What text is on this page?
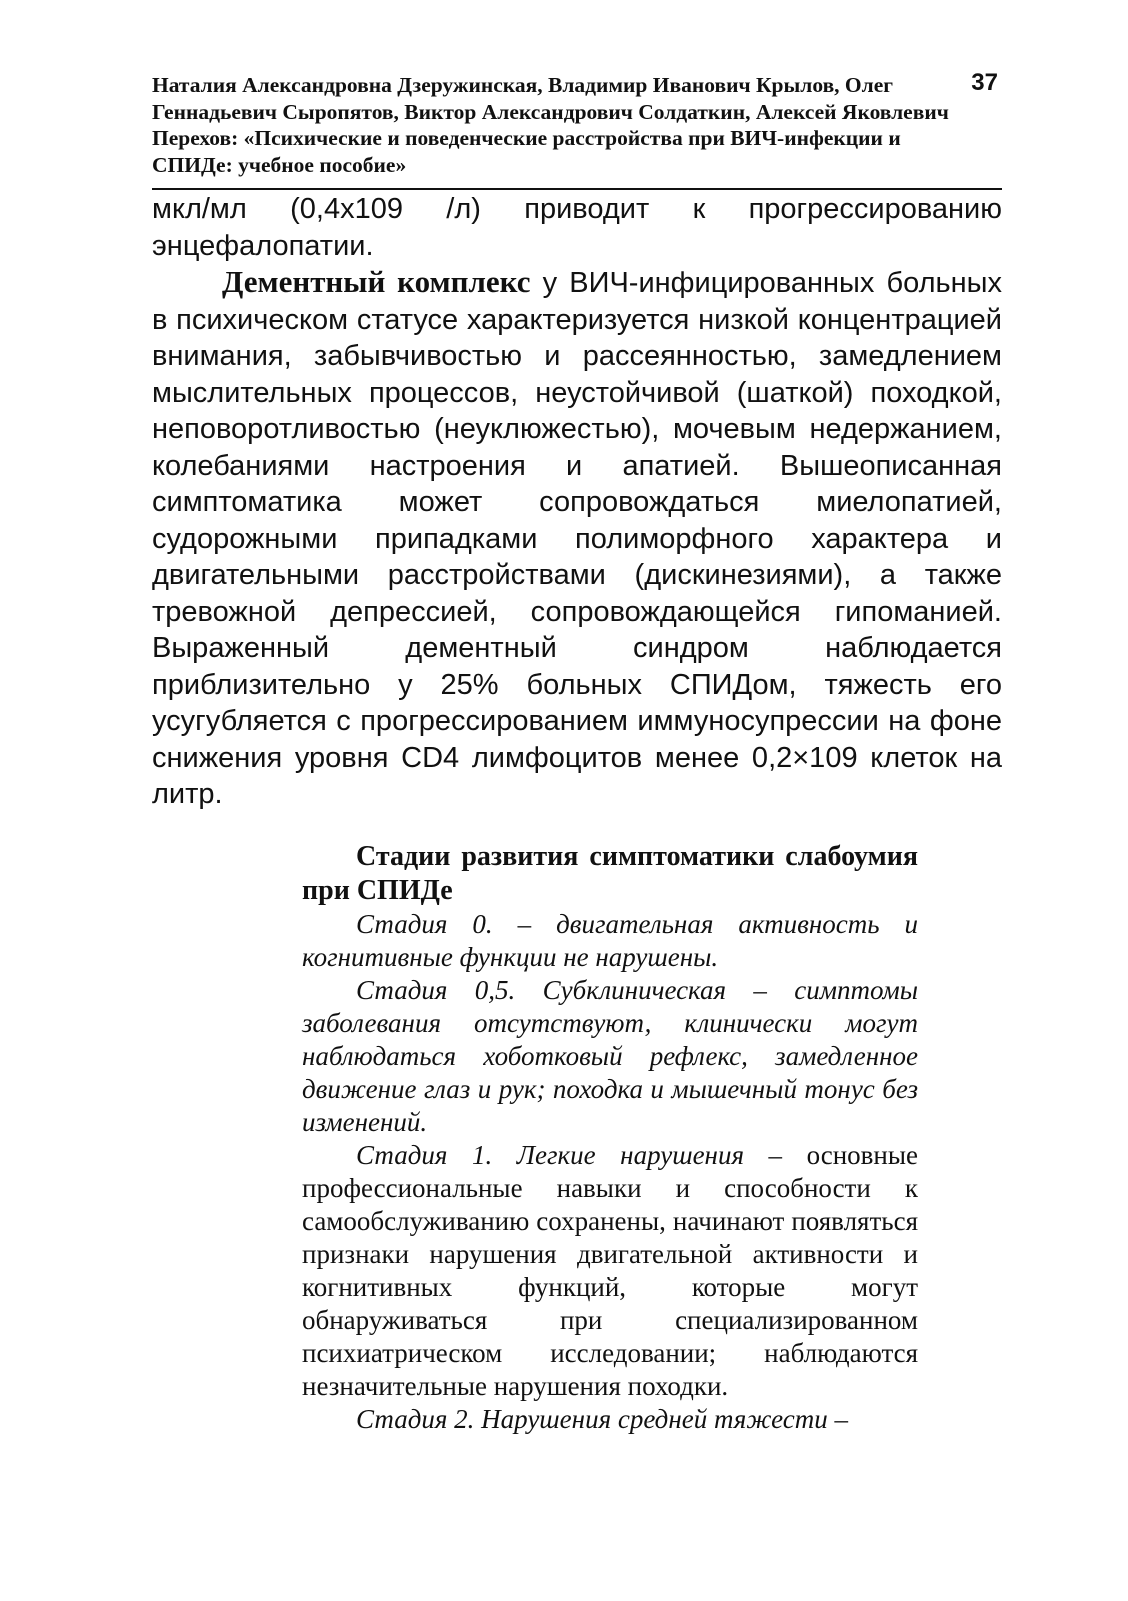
Наталия Александровна Дзеружинская, Владимир Иванович Крылов, Олег Геннадьевич Сыропятов, Виктор Александрович Солдаткин, Алексей Яковлевич Перехов: «Психические и поведенческие расстройства при ВИЧ-инфекции и СПИДе: учебное пособие»

37

мкл/мл (0,4x109 /л) приводит к прогрессированию энцефалопатии.

Дементный комплекс у ВИЧ-инфицированных больных в психическом статусе характеризуется низкой концентрацией внимания, забывчивостью и рассеянностью, замедлением мыслительных процессов, неустойчивой (шаткой) походкой, неповоротливостью (неуклюжестью), мочевым недержанием, колебаниями настроения и апатией. Вышеописанная симптоматика может сопровождаться миелопатией, судорожными припадками полиморфного характера и двигательными расстройствами (дискинезиями), а также тревожной депрессией, сопровождающейся гипоманией. Выраженный дементный синдром наблюдается приблизительно у 25% больных СПИДом, тяжесть его усугубляется с прогрессированием иммуносупрессии на фоне снижения уровня CD4 лимфоцитов менее 0,2×109 клеток на литр.

Стадии развития симптоматики слабоумия при СПИДе

Стадия 0. – двигательная активность и когнитивные функции не нарушены.

Стадия 0,5. Субклиническая – симптомы заболевания отсутствуют, клинически могут наблюдаться хоботковый рефлекс, замедленное движение глаз и рук; походка и мышечный тонус без изменений.

Стадия 1. Легкие нарушения – основные профессиональные навыки и способности к самообслуживанию сохранены, начинают появляться признаки нарушения двигательной активности и когнитивных функций, которые могут обнаруживаться при специализированном психиатрическом исследовании; наблюдаются незначительные нарушения походки.

Стадия 2. Нарушения средней тяжести –
